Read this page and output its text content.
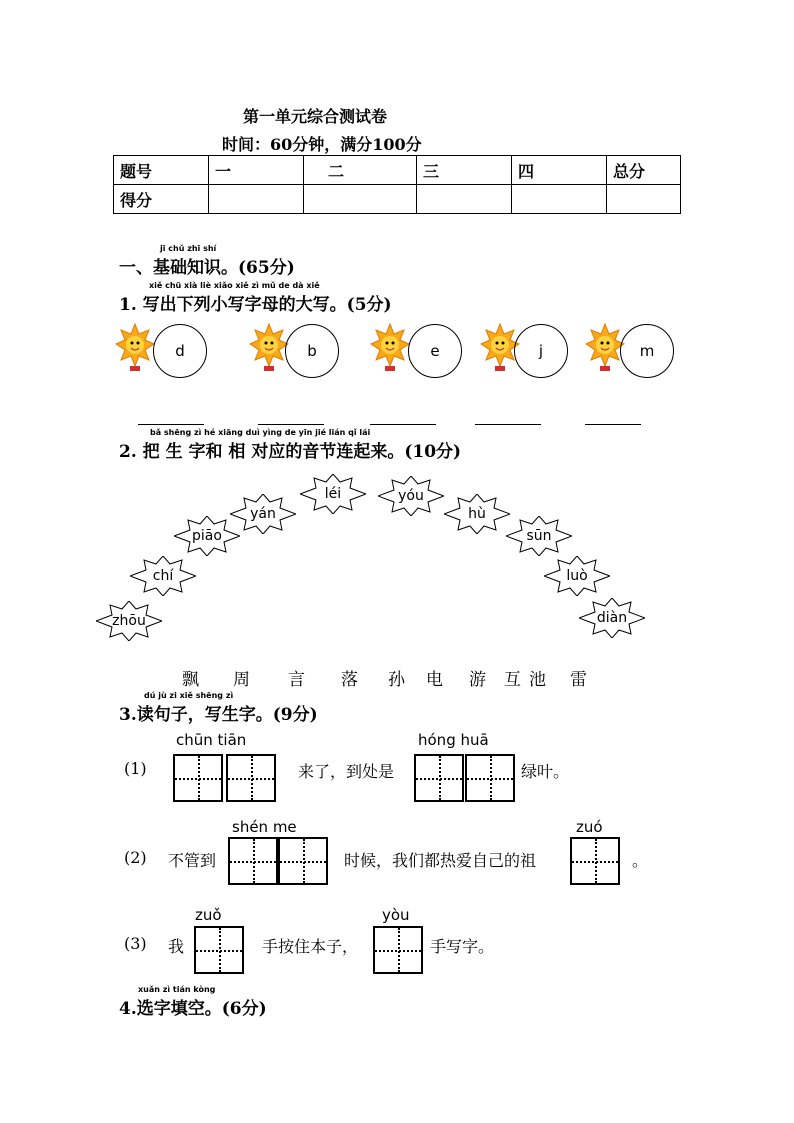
第一单元综合测试卷
时间：60分钟，满分100分
题号	一	二	三	四	总分
得分					
jī chǔ zhī shí
一、基础知识。(65分)
xiě chū xià liè xiǎo xiě zì mǔ de dà xiě
1. 写出下列小写字母的大写。(5分)
d	b	e	j	m
bǎ shēng zì hé xiāng duì yìng de yīn jié lián qǐ lái
2. 把 生 字和 相 对应的音节连起来。(10分)
zhōu
chí
piāo
yán
léi	yóu
hù
sūn
luò
diàn
飘 周 言 落 孙 电 游 互 池 雷
dú jù zi xiě shēng zì
3.读句子，写生字。(9分)
chūn tiān	hóng huā
(1)	来了，到处是	绿叶。
shén me	zuó
(2) 不管到	时候，我们都热爱自己的祖	。
zuǒ	yòu
(3) 我	手按住本子，	手写字。
xuǎn zì tián kòng
4.选字填空。(6分)
